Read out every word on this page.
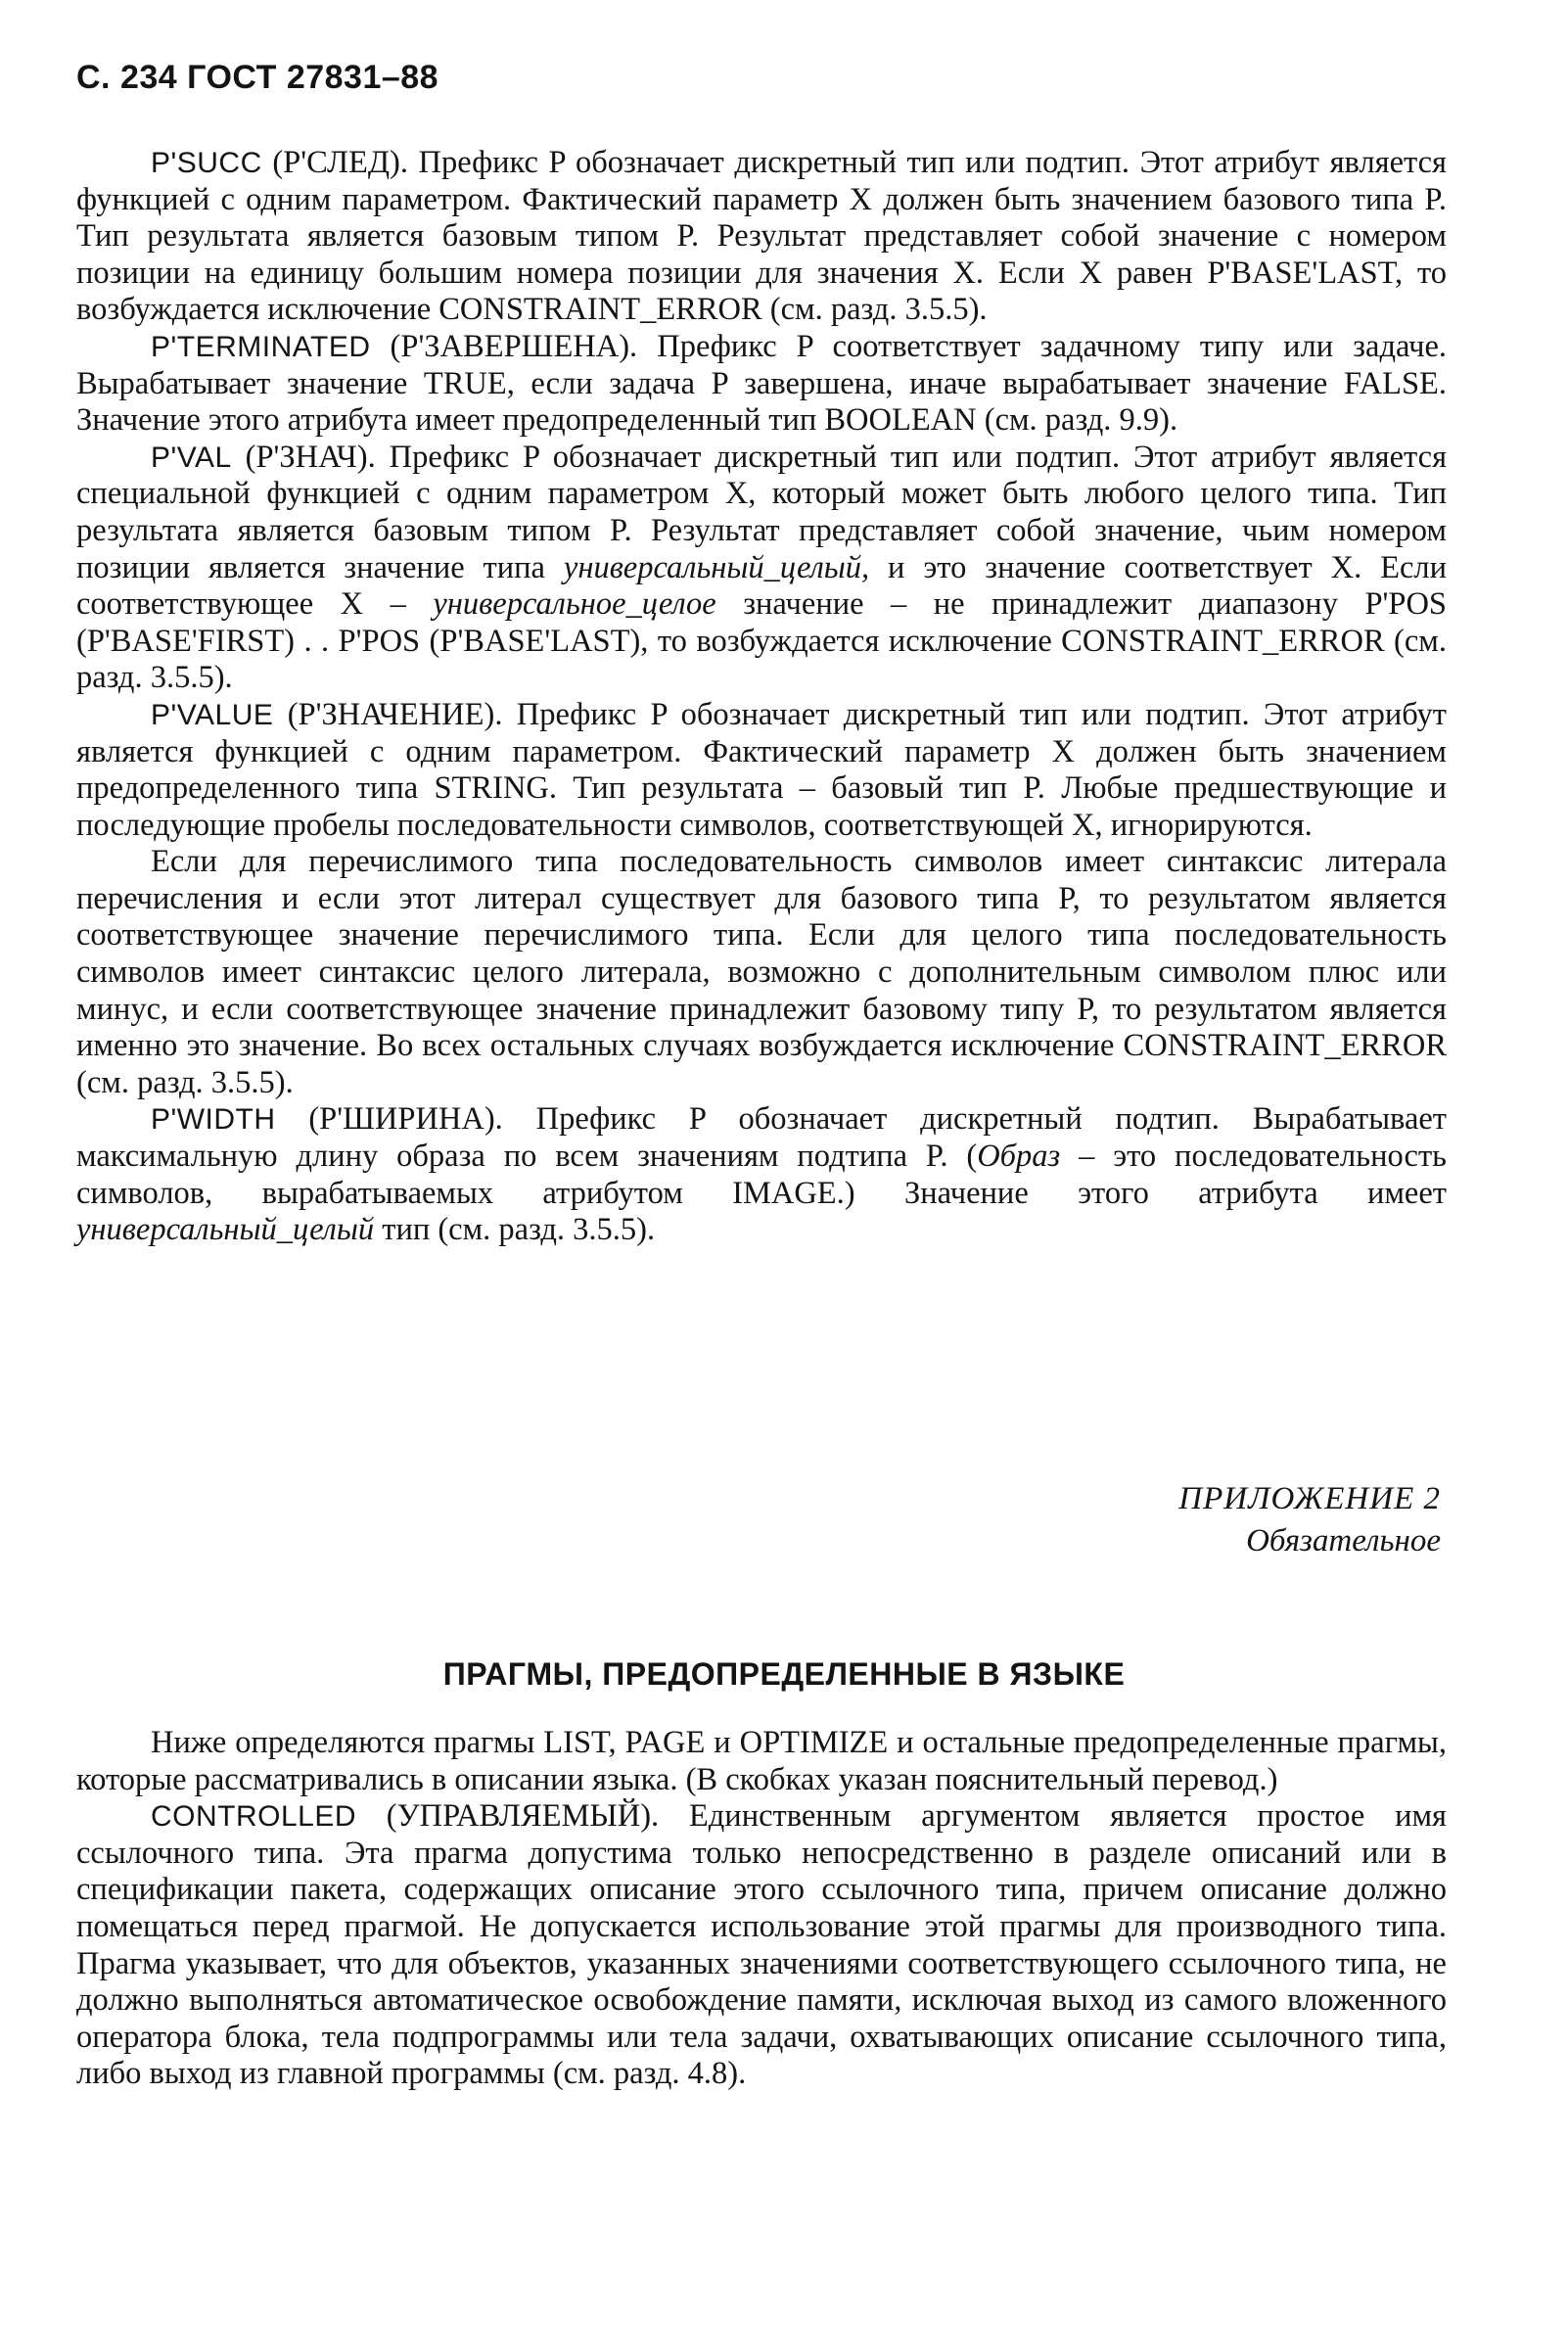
С. 234 ГОСТ 27831–88

P'SUCC (P'СЛЕД). Префикс P обозначает дискретный тип или подтип. Этот атрибут является функцией с одним параметром. Фактический параметр X должен быть значением базового типа P. Тип результата является базовым типом P. Результат представляет собой значение с номером позиции на единицу большим номера позиции для значения X. Если X равен P'BASE'LAST, то возбуждается исключение CONSTRAINT_ERROR (см. разд. 3.5.5).

P'TERMINATED (P'ЗАВЕРШЕНА). Префикс P соответствует задачному типу или задаче. Вырабатывает значение TRUE, если задача P завершена, иначе вырабатывает значение FALSE. Значение этого атрибута имеет предопределенный тип BOOLEAN (см. разд. 9.9).

P'VAL (P'ЗНАЧ). Префикс P обозначает дискретный тип или подтип. Этот атрибут является специальной функцией с одним параметром X, который может быть любого целого типа. Тип результата является базовым типом P. Результат представляет собой значение, чьим номером позиции является значение типа универсальный_целый, и это значение соответствует X. Если соответствующее X – универсальное_целое значение – не принадлежит диапазону P'POS (P'BASE'FIRST) . . P'POS (P'BASE'LAST), то возбуждается исключение CONSTRAINT_ERROR (см. разд. 3.5.5).

P'VALUE (P'ЗНАЧЕНИЕ). Префикс P обозначает дискретный тип или подтип. Этот атрибут является функцией с одним параметром. Фактический параметр X должен быть значением предопределенного типа STRING. Тип результата – базовый тип P. Любые предшествующие и последующие пробелы последовательности символов, соответствующей X, игнорируются.

Если для перечислимого типа последовательность символов имеет синтаксис литерала перечисления и если этот литерал существует для базового типа P, то результатом является соответствующее значение перечислимого типа. Если для целого типа последовательность символов имеет синтаксис целого литерала, возможно с дополнительным символом плюс или минус, и если соответствующее значение принадлежит базовому типу P, то результатом является именно это значение. Во всех остальных случаях возбуждается исключение CONSTRAINT_ERROR (см. разд. 3.5.5).

P'WIDTH (P'ШИРИНА). Префикс P обозначает дискретный подтип. Вырабатывает максимальную длину образа по всем значениям подтипа P. (Образ – это последовательность символов, вырабатываемых атрибутом IMAGE.) Значение этого атрибута имеет универсальный_целый тип (см. разд. 3.5.5).

ПРИЛОЖЕНИЕ 2
Обязательное
ПРАГМЫ, ПРЕДОПРЕДЕЛЕННЫЕ В ЯЗЫКЕ

Ниже определяются прагмы LIST, PAGE и OPTIMIZE и остальные предопределенные прагмы, которые рассматривались в описании языка. (В скобках указан пояснительный перевод.)

CONTROLLED (УПРАВЛЯЕМЫЙ). Единственным аргументом является простое имя ссылочного типа. Эта прагма допустима только непосредственно в разделе описаний или в спецификации пакета, содержащих описание этого ссылочного типа, причем описание должно помещаться перед прагмой. Не допускается использование этой прагмы для производного типа. Прагма указывает, что для объектов, указанных значениями соответствующего ссылочного типа, не должно выполняться автоматическое освобождение памяти, исключая выход из самого вложенного оператора блока, тела подпрограммы или тела задачи, охватывающих описание ссылочного типа, либо выход из главной программы (см. разд. 4.8).
